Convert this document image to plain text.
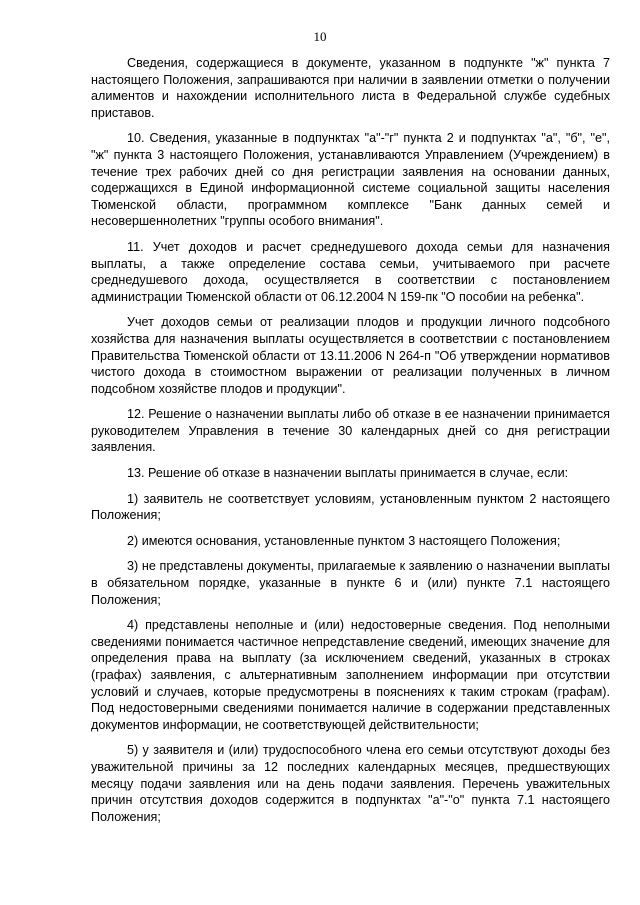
10

Сведения, содержащиеся в документе, указанном в подпункте "ж" пункта 7 настоящего Положения, запрашиваются при наличии в заявлении отметки о получении алиментов и нахождении исполнительного листа в Федеральной службе судебных приставов.

10. Сведения, указанные в подпунктах "а"-"г" пункта 2 и подпунктах "а", "б", "е", "ж" пункта 3 настоящего Положения, устанавливаются Управлением (Учреждением) в течение трех рабочих дней со дня регистрации заявления на основании данных, содержащихся в Единой информационной системе социальной защиты населения Тюменской области, программном комплексе "Банк данных семей и несовершеннолетних "группы особого внимания".

11. Учет доходов и расчет среднедушевого дохода семьи для назначения выплаты, а также определение состава семьи, учитываемого при расчете среднедушевого дохода, осуществляется в соответствии с постановлением администрации Тюменской области от 06.12.2004 N 159-пк "О пособии на ребенка".

Учет доходов семьи от реализации плодов и продукции личного подсобного хозяйства для назначения выплаты осуществляется в соответствии с постановлением Правительства Тюменской области от 13.11.2006 N 264-п "Об утверждении нормативов чистого дохода в стоимостном выражении от реализации полученных в личном подсобном хозяйстве плодов и продукции".

12. Решение о назначении выплаты либо об отказе в ее назначении принимается руководителем Управления в течение 30 календарных дней со дня регистрации заявления.

13. Решение об отказе в назначении выплаты принимается в случае, если:

1) заявитель не соответствует условиям, установленным пунктом 2 настоящего Положения;

2) имеются основания, установленные пунктом 3 настоящего Положения;

3) не представлены документы, прилагаемые к заявлению о назначении выплаты в обязательном порядке, указанные в пункте 6 и (или) пункте 7.1 настоящего Положения;

4) представлены неполные и (или) недостоверные сведения. Под неполными сведениями понимается частичное непредставление сведений, имеющих значение для определения права на выплату (за исключением сведений, указанных в строках (графах) заявления, с альтернативным заполнением информации при отсутствии условий и случаев, которые предусмотрены в пояснениях к таким строкам (графам). Под недостоверными сведениями понимается наличие в содержании представленных документов информации, не соответствующей действительности;

5) у заявителя и (или) трудоспособного члена его семьи отсутствуют доходы без уважительной причины за 12 последних календарных месяцев, предшествующих месяцу подачи заявления или на день подачи заявления. Перечень уважительных причин отсутствия доходов содержится в подпунктах "а"-"о" пункта 7.1 настоящего Положения;
